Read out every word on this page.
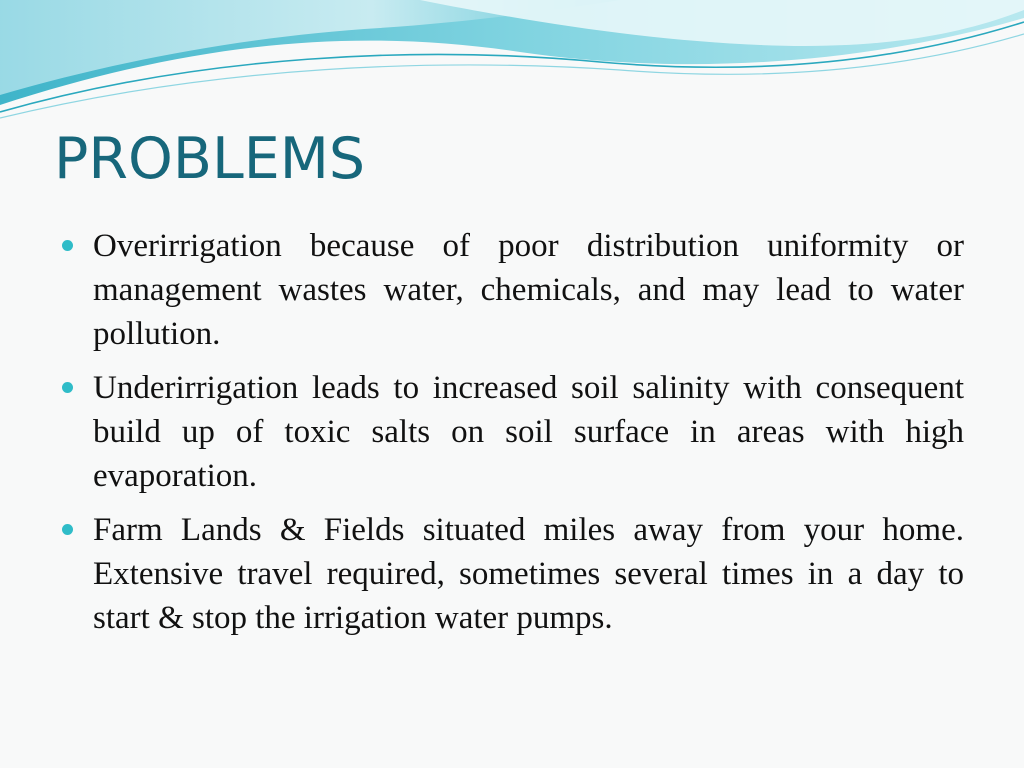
PROBLEMS
Overirrigation because of poor distribution uniformity or management wastes water, chemicals, and may lead to water pollution.
Underirrigation leads to increased soil salinity with consequent build up of toxic salts on soil surface in areas with high evaporation.
Farm Lands & Fields situated miles away from your home. Extensive travel required, sometimes several times in a day to start & stop the irrigation water pumps.
